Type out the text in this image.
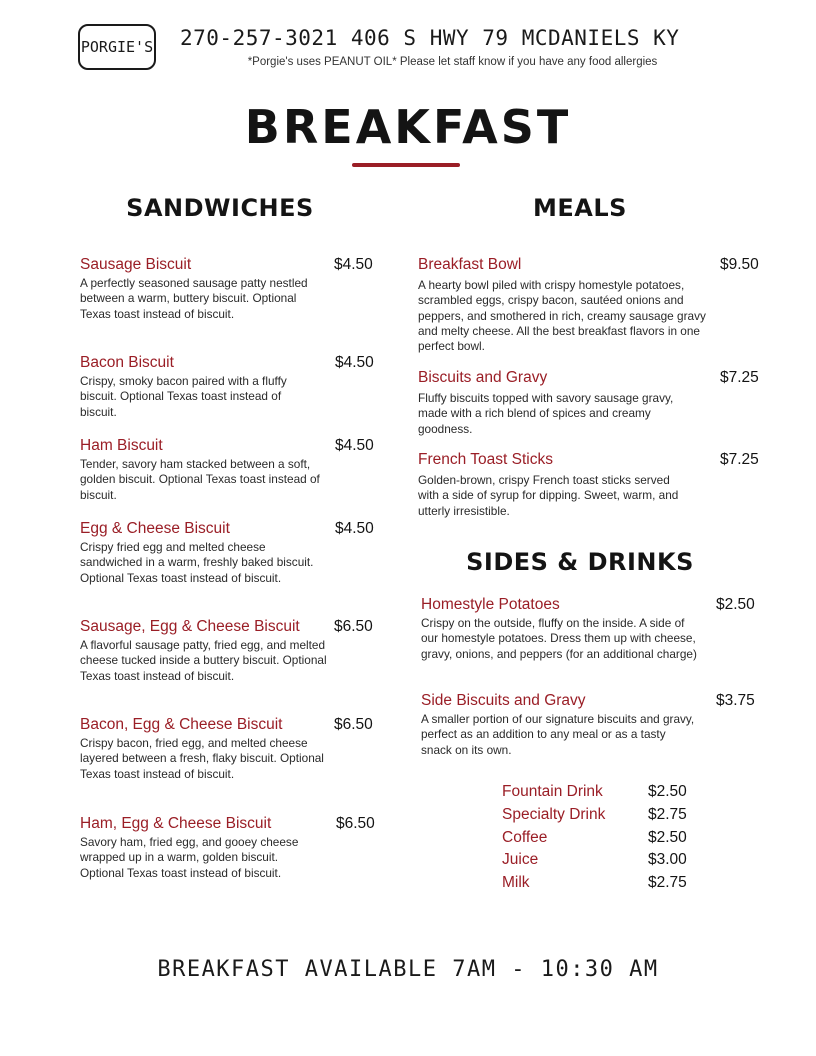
PORGIE'S 270-257-3021 406 S HWY 79 MCDANIELS KY
*Porgie's uses PEANUT OIL* Please let staff know if you have any food allergies
BREAKFAST
SANDWICHES	MEALS
SIDES & DRINKS
Sausage Biscuit	$4.50
A perfectly seasoned sausage patty nestled between a warm, buttery biscuit. Optional Texas toast instead of biscuit.
Bacon Biscuit	$4.50
Crispy, smoky bacon paired with a fluffy biscuit. Optional Texas toast instead of biscuit.
Ham Biscuit	$4.50
Tender, savory ham stacked between a soft, golden biscuit. Optional Texas toast instead of biscuit.
Egg & Cheese Biscuit	$4.50
Crispy fried egg and melted cheese sandwiched in a warm, freshly baked biscuit. Optional Texas toast instead of biscuit.
Sausage, Egg & Cheese Biscuit	$6.50
A flavorful sausage patty, fried egg, and melted cheese tucked inside a buttery biscuit. Optional Texas toast instead of biscuit.
Bacon, Egg & Cheese Biscuit	$6.50
Crispy bacon, fried egg, and melted cheese layered between a fresh, flaky biscuit. Optional Texas toast instead of biscuit.
Ham, Egg & Cheese Biscuit	$6.50
Savory ham, fried egg, and gooey cheese wrapped up in a warm, golden biscuit. Optional Texas toast instead of biscuit.
Breakfast Bowl	$9.50
A hearty bowl piled with crispy homestyle potatoes, scrambled eggs, crispy bacon, sautéed onions and peppers, and smothered in rich, creamy sausage gravy and melty cheese. All the best breakfast flavors in one perfect bowl.
Biscuits and Gravy	$7.25
Fluffy biscuits topped with savory sausage gravy, made with a rich blend of spices and creamy goodness.
French Toast Sticks	$7.25
Golden-brown, crispy French toast sticks served with a side of syrup for dipping. Sweet, warm, and utterly irresistible.
Homestyle Potatoes	$2.50
Crispy on the outside, fluffy on the inside. A side of our homestyle potatoes. Dress them up with cheese, gravy, onions, and peppers (for an additional charge)
Side Biscuits and Gravy	$3.75
A smaller portion of our signature biscuits and gravy, perfect as an addition to any meal or as a tasty snack on its own.
Fountain Drink	$2.50
Specialty Drink	$2.75
Coffee	$2.50
Juice	$3.00
Milk	$2.75
BREAKFAST AVAILABLE 7AM - 10:30 AM
